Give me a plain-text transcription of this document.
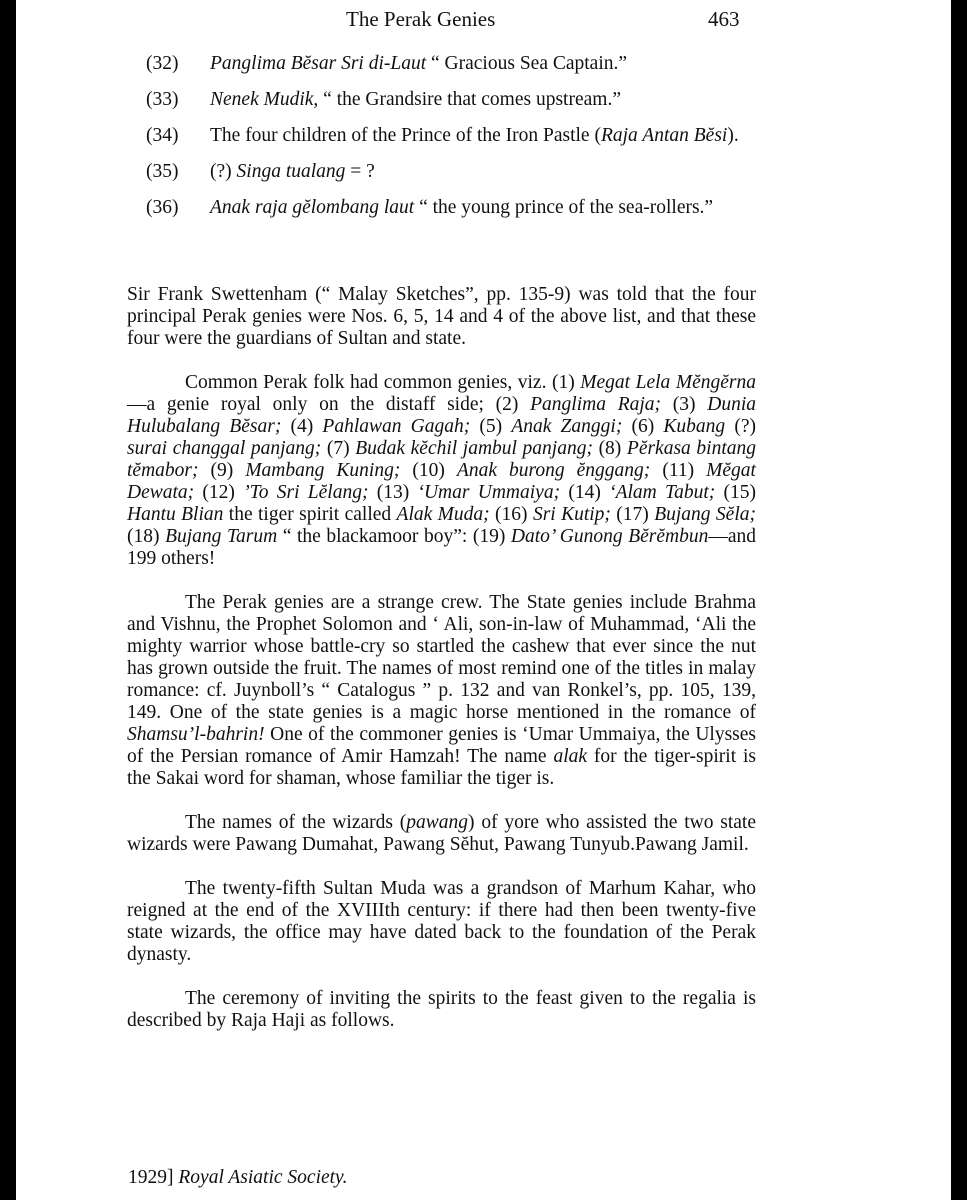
The Perak Genies	463
(32) Panglima Bĕsar Sri di-Laut “ Gracious Sea Captain.”
(33) Nenek Mudik, “ the Grandsire that comes upstream.”
(34) The four children of the Prince of the Iron Pastle (Raja Antan Bĕsi).
(35) (?) Singa tualang = ?
(36) Anak raja gĕlombang laut “ the young prince of the sea-rollers.”

Sir Frank Swettenham (“ Malay Sketches”, pp. 135-9) was told that the four principal Perak genies were Nos. 6, 5, 14 and 4 of the above list, and that these four were the guardians of Sultan and state.

Common Perak folk had common genies, viz. (1) Megat Lela Mĕngĕrna—a genie royal only on the distaff side; (2) Panglima Raja; (3) Dunia Hulubalang Bĕsar; (4) Pahlawan Gagah; (5) Anak Zanggi; (6) Kubang (?) surai changgal panjang; (7) Budak kĕchil jambul panjang; (8) Pĕrkasa bintang tĕmabor; (9) Mambang Kuning; (10) Anak burong ĕnggang; (11) Mĕgat Dewata; (12) ’To Sri Lĕlang; (13) ‘Umar Ummaiya; (14) ‘Alam Tabut; (15) Hantu Blian the tiger spirit called Alak Muda; (16) Sri Kutip; (17) Bujang Sĕla; (18) Bujang Tarum “ the blackamoor boy”: (19) Dato’ Gunong Bĕrĕmbun—and 199 others!

The Perak genies are a strange crew. The State genies include Brahma and Vishnu, the Prophet Solomon and ‘ Ali, son-in-law of Muhammad, ‘Ali the mighty warrior whose battle-cry so startled the cashew that ever since the nut has grown outside the fruit. The names of most remind one of the titles in malay romance: cf. Juynboll’s “ Catalogus ” p. 132 and van Ronkel’s, pp. 105, 139, 149. One of the state genies is a magic horse mentioned in the romance of Shamsu’l-bahrin! One of the commoner genies is ‘Umar Ummaiya, the Ulysses of the Persian romance of Amir Hamzah! The name alak for the tiger-spirit is the Sakai word for shaman, whose familiar the tiger is.

The names of the wizards (pawang) of yore who assisted the two state wizards were Pawang Dumahat, Pawang Sĕhut, Pawang Tunyub.Pawang Jamil.

The twenty-fifth Sultan Muda was a grandson of Marhum Kahar, who reigned at the end of the XVIIIth century: if there had then been twenty-five state wizards, the office may have dated back to the foundation of the Perak dynasty.

The ceremony of inviting the spirits to the feast given to the regalia is described by Raja Haji as follows.

1929] Royal Asiatic Society.
